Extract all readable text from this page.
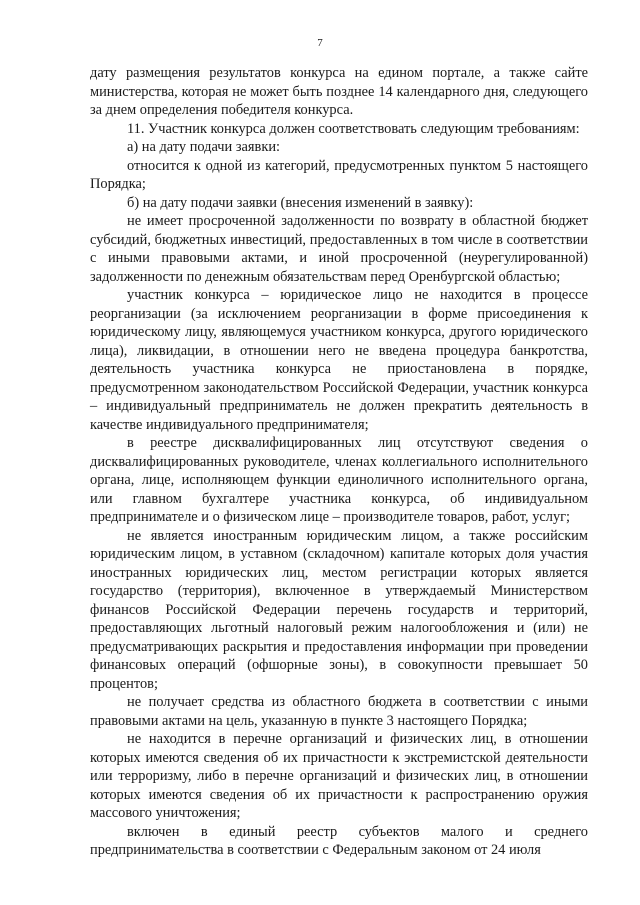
7

дату размещения результатов конкурса на едином портале, а также сайте министерства, которая не может быть позднее 14 календарного дня, следующего за днем определения победителя конкурса.

11. Участник конкурса должен соответствовать следующим требованиям:

а) на дату подачи заявки:

относится к одной из категорий, предусмотренных пунктом 5 настоящего Порядка;

б) на дату подачи заявки (внесения изменений в заявку):

не имеет просроченной задолженности по возврату в областной бюджет субсидий, бюджетных инвестиций, предоставленных в том числе в соответствии с иными правовыми актами, и иной просроченной (неурегулированной) задолженности по денежным обязательствам перед Оренбургской областью;

участник конкурса – юридическое лицо не находится в процессе реорганизации (за исключением реорганизации в форме присоединения к юридическому лицу, являющемуся участником конкурса, другого юридического лица), ликвидации, в отношении него не введена процедура банкротства, деятельность участника конкурса не приостановлена в порядке, предусмотренном законодательством Российской Федерации, участник конкурса – индивидуальный предприниматель не должен прекратить деятельность в качестве индивидуального предпринимателя;

в реестре дисквалифицированных лиц отсутствуют сведения о дисквалифицированных руководителе, членах коллегиального исполнительного органа, лице, исполняющем функции единоличного исполнительного органа, или главном бухгалтере участника конкурса, об индивидуальном предпринимателе и о физическом лице – производителе товаров, работ, услуг;

не является иностранным юридическим лицом, а также российским юридическим лицом, в уставном (складочном) капитале которых доля участия иностранных юридических лиц, местом регистрации которых является государство (территория), включенное в утверждаемый Министерством финансов Российской Федерации перечень государств и территорий, предоставляющих льготный налоговый режим налогообложения и (или) не предусматривающих раскрытия и предоставления информации при проведении финансовых операций (офшорные зоны), в совокупности превышает 50 процентов;

не получает средства из областного бюджета в соответствии с иными правовыми актами на цель, указанную в пункте 3 настоящего Порядка;

не находится в перечне организаций и физических лиц, в отношении которых имеются сведения об их причастности к экстремистской деятельности или терроризму, либо в перечне организаций и физических лиц, в отношении которых имеются сведения об их причастности к распространению оружия массового уничтожения;

включен в единый реестр субъектов малого и среднего предпринимательства в соответствии с Федеральным законом от 24 июля
